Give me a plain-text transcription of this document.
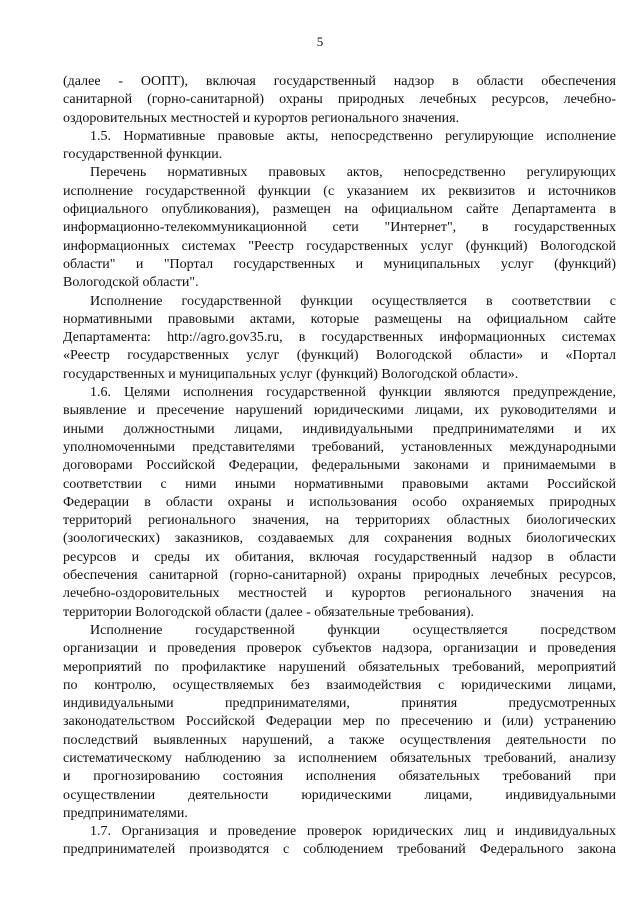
5
(далее - ООПТ), включая государственный надзор в области обеспечения
санитарной (горно-санитарной) охраны природных лечебных ресурсов, лечебно-
оздоровительных местностей и курортов регионального значения.
1.5. Нормативные правовые акты, непосредственно регулирующие исполнение
государственной функции.
Перечень нормативных правовых актов, непосредственно регулирующих
исполнение государственной функции (с указанием их реквизитов и источников
официального опубликования), размещен на официальном сайте Департамента в
информационно-телекоммуникационной сети "Интернет", в государственных
информационных системах "Реестр государственных услуг (функций) Вологодской
области" и "Портал государственных и муниципальных услуг (функций)
Вологодской области".
Исполнение государственной функции осуществляется в соответствии с
нормативными правовыми актами, которые размещены на официальном сайте
Департамента: http://agro.gov35.ru, в государственных информационных системах
«Реестр государственных услуг (функций) Вологодской области» и «Портал
государственных и муниципальных услуг (функций) Вологодской области».
1.6. Целями исполнения государственной функции являются предупреждение,
выявление и пресечение нарушений юридическими лицами, их руководителями и
иными должностными лицами, индивидуальными предпринимателями и их
уполномоченными представителями требований, установленных международными
договорами Российской Федерации, федеральными законами и принимаемыми в
соответствии с ними иными нормативными правовыми актами Российской
Федерации в области охраны и использования особо охраняемых природных
территорий регионального значения, на территориях областных биологических
(зоологических) заказников, создаваемых для сохранения водных биологических
ресурсов и среды их обитания, включая государственный надзор в области
обеспечения санитарной (горно-санитарной) охраны природных лечебных ресурсов,
лечебно-оздоровительных местностей и курортов регионального значения на
территории Вологодской области (далее - обязательные требования).
Исполнение государственной функции осуществляется посредством
организации и проведения проверок субъектов надзора, организации и проведения
мероприятий по профилактике нарушений обязательных требований, мероприятий
по контролю, осуществляемых без взаимодействия с юридическими лицами,
индивидуальными предпринимателями, принятия предусмотренных
законодательством Российской Федерации мер по пресечению и (или) устранению
последствий выявленных нарушений, а также осуществления деятельности по
систематическому наблюдению за исполнением обязательных требований, анализу
и прогнозированию состояния исполнения обязательных требований при
осуществлении деятельности юридическими лицами, индивидуальными
предпринимателями.
1.7. Организация и проведение проверок юридических лиц и индивидуальных
предпринимателей производятся с соблюдением требований Федерального закона
